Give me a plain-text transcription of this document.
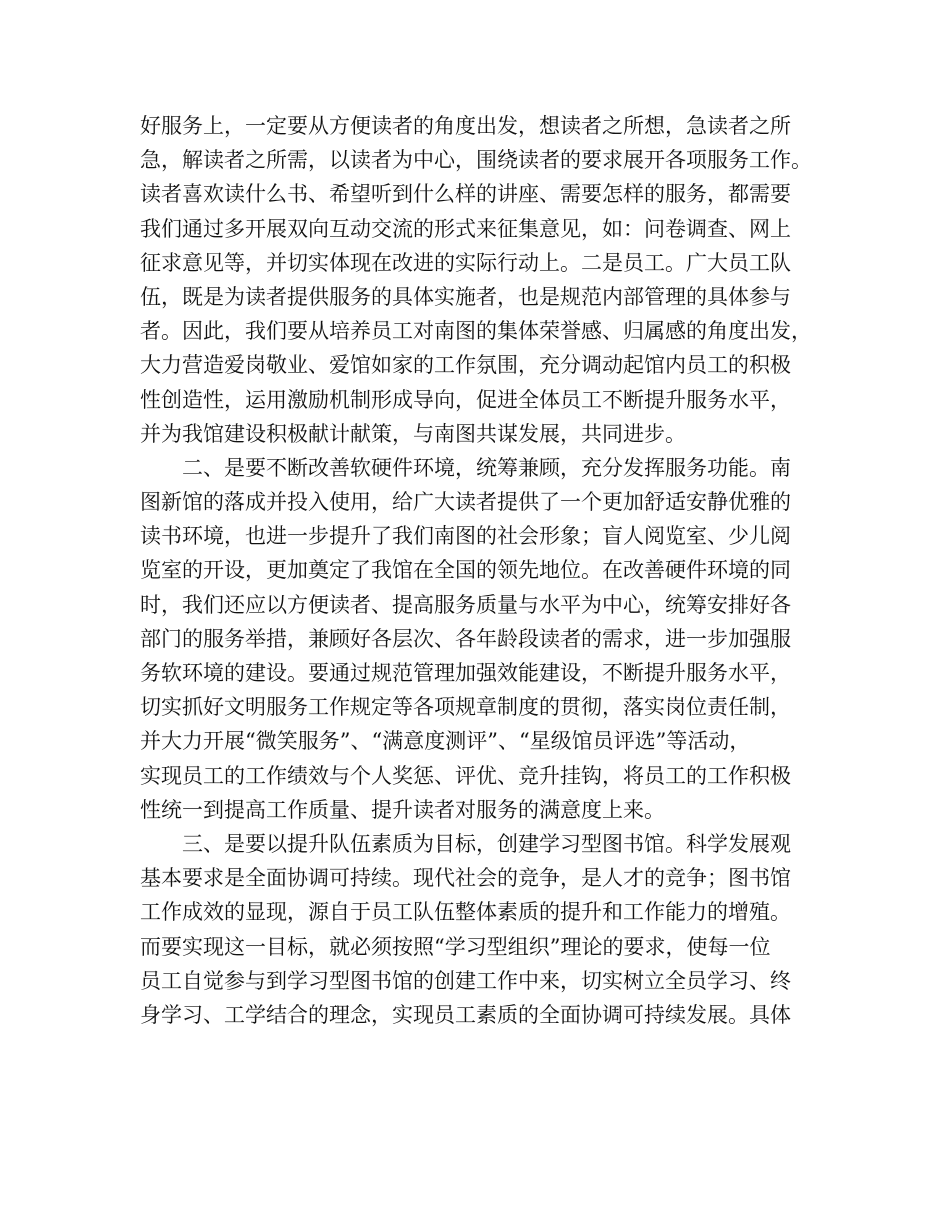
好服务上，一定要从方便读者的角度出发，想读者之所想，急读者之所
急，解读者之所需，以读者为中心，围绕读者的要求展开各项服务工作。
读者喜欢读什么书、希望听到什么样的讲座、需要怎样的服务，都需要
我们通过多开展双向互动交流的形式来征集意见，如：问卷调查、网上
征求意见等，并切实体现在改进的实际行动上。二是员工。广大员工队
伍，既是为读者提供服务的具体实施者，也是规范内部管理的具体参与
者。因此，我们要从培养员工对南图的集体荣誉感、归属感的角度出发，
大力营造爱岗敬业、爱馆如家的工作氛围，充分调动起馆内员工的积极
性创造性，运用激励机制形成导向，促进全体员工不断提升服务水平，
并为我馆建设积极献计献策，与南图共谋发展，共同进步。
二、是要不断改善软硬件环境，统筹兼顾，充分发挥服务功能。南
图新馆的落成并投入使用，给广大读者提供了一个更加舒适安静优雅的
读书环境，也进一步提升了我们南图的社会形象；盲人阅览室、少儿阅
览室的开设，更加奠定了我馆在全国的领先地位。在改善硬件环境的同
时，我们还应以方便读者、提高服务质量与水平为中心，统筹安排好各
部门的服务举措，兼顾好各层次、各年龄段读者的需求，进一步加强服
务软环境的建设。要通过规范管理加强效能建设，不断提升服务水平，
切实抓好文明服务工作规定等各项规章制度的贯彻，落实岗位责任制，
并大力开展“微笑服务”、“满意度测评”、“星级馆员评选”等活动，
实现员工的工作绩效与个人奖惩、评优、竞升挂钩，将员工的工作积极
性统一到提高工作质量、提升读者对服务的满意度上来。
三、是要以提升队伍素质为目标，创建学习型图书馆。科学发展观
基本要求是全面协调可持续。现代社会的竞争，是人才的竞争；图书馆
工作成效的显现，源自于员工队伍整体素质的提升和工作能力的增殖。
而要实现这一目标，就必须按照“学习型组织”理论的要求，使每一位
员工自觉参与到学习型图书馆的创建工作中来，切实树立全员学习、终
身学习、工学结合的理念，实现员工素质的全面协调可持续发展。具体
